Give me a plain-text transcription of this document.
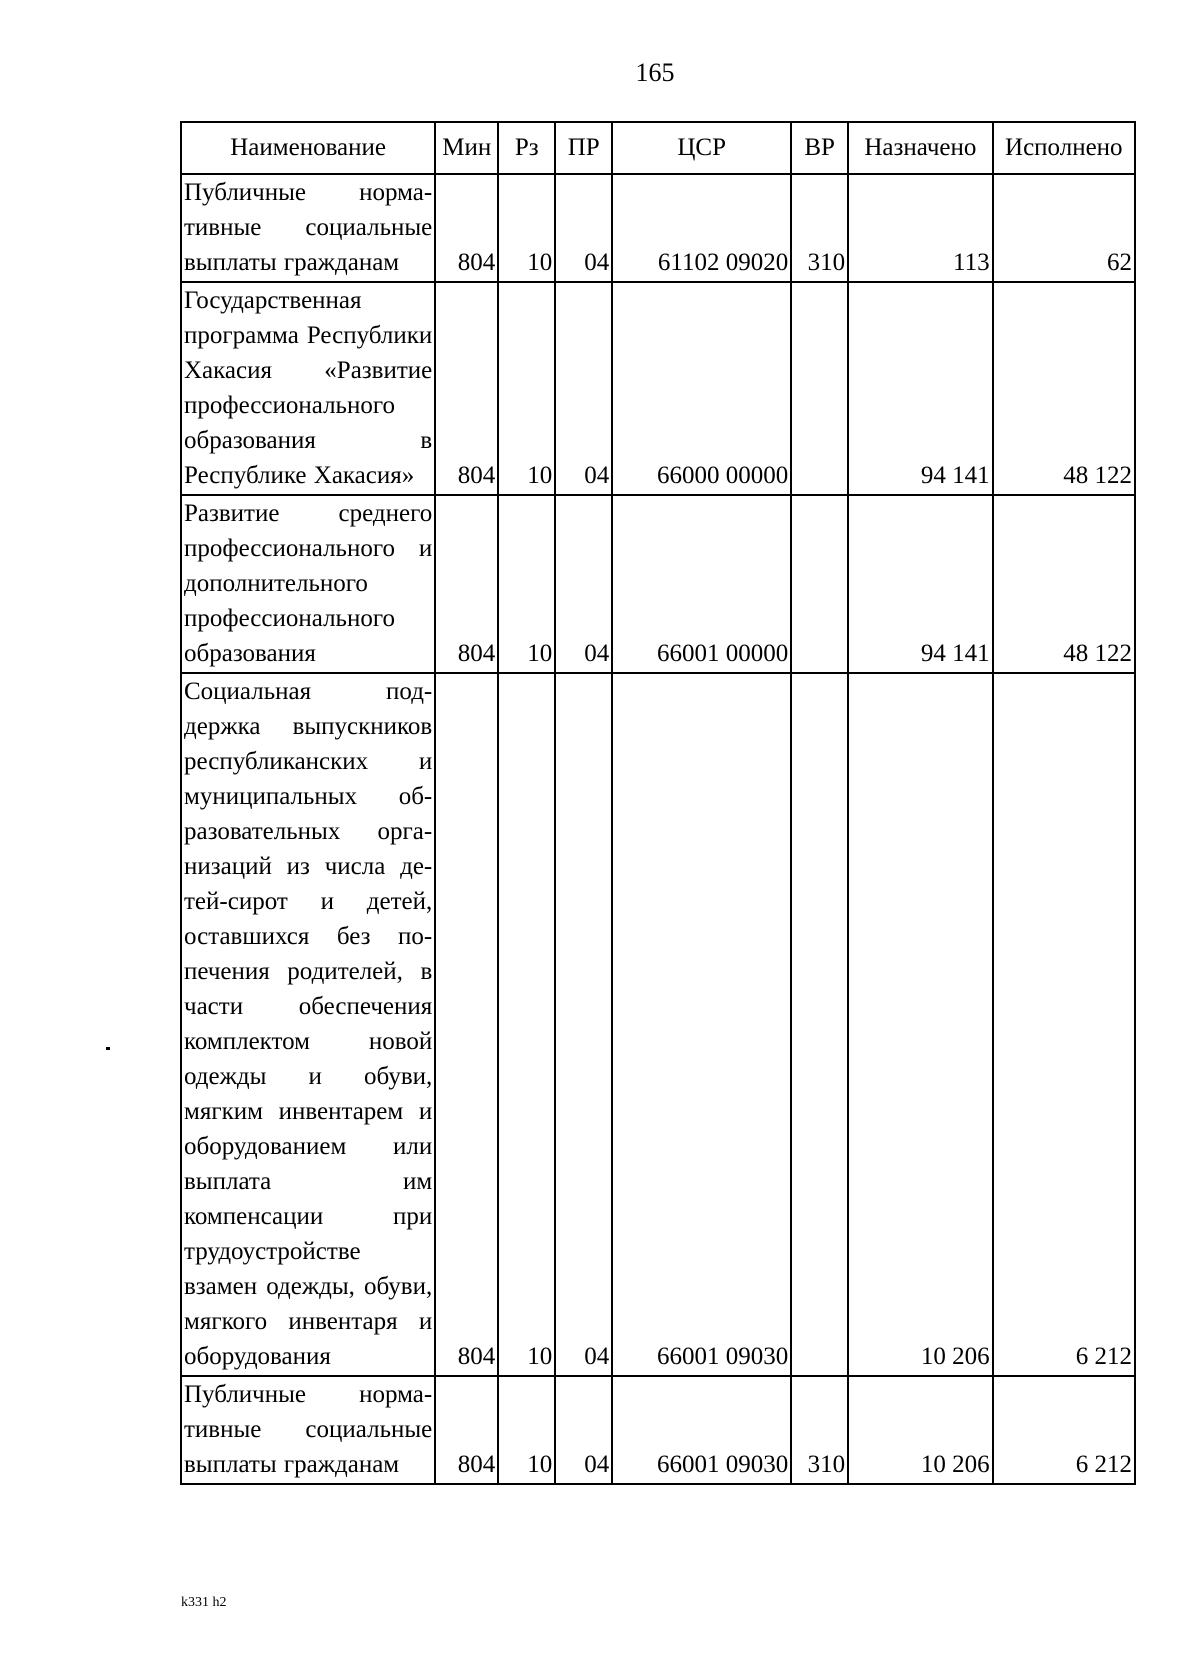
165
Наименование	Мин	Рз	ПР	ЦСР	ВР	Назначено	Исполнено
Публичные нормативные социальные выплаты гражданам	804	10	04	61102 09020	310	113	62
Государственная программа Республики Хакасия «Развитие профессионального образования в Республике Хакасия»	804	10	04	66000 00000		94 141	48 122
Развитие среднего профессионального и дополнительного профессионального образования	804	10	04	66001 00000		94 141	48 122
Социальная поддержка выпускников республиканских и муниципальных образовательных организаций из числа детей-сирот и детей, оставшихся без попечения родителей, в части обеспечения комплектом новой одежды и обуви, мягким инвентарем и оборудованием или выплата им компенсации при трудоустройстве взамен одежды, обуви, мягкого инвентаря и оборудования	804	10	04	66001 09030		10 206	6 212
Публичные нормативные социальные выплаты гражданам	804	10	04	66001 09030	310	10 206	6 212
k331 h2
